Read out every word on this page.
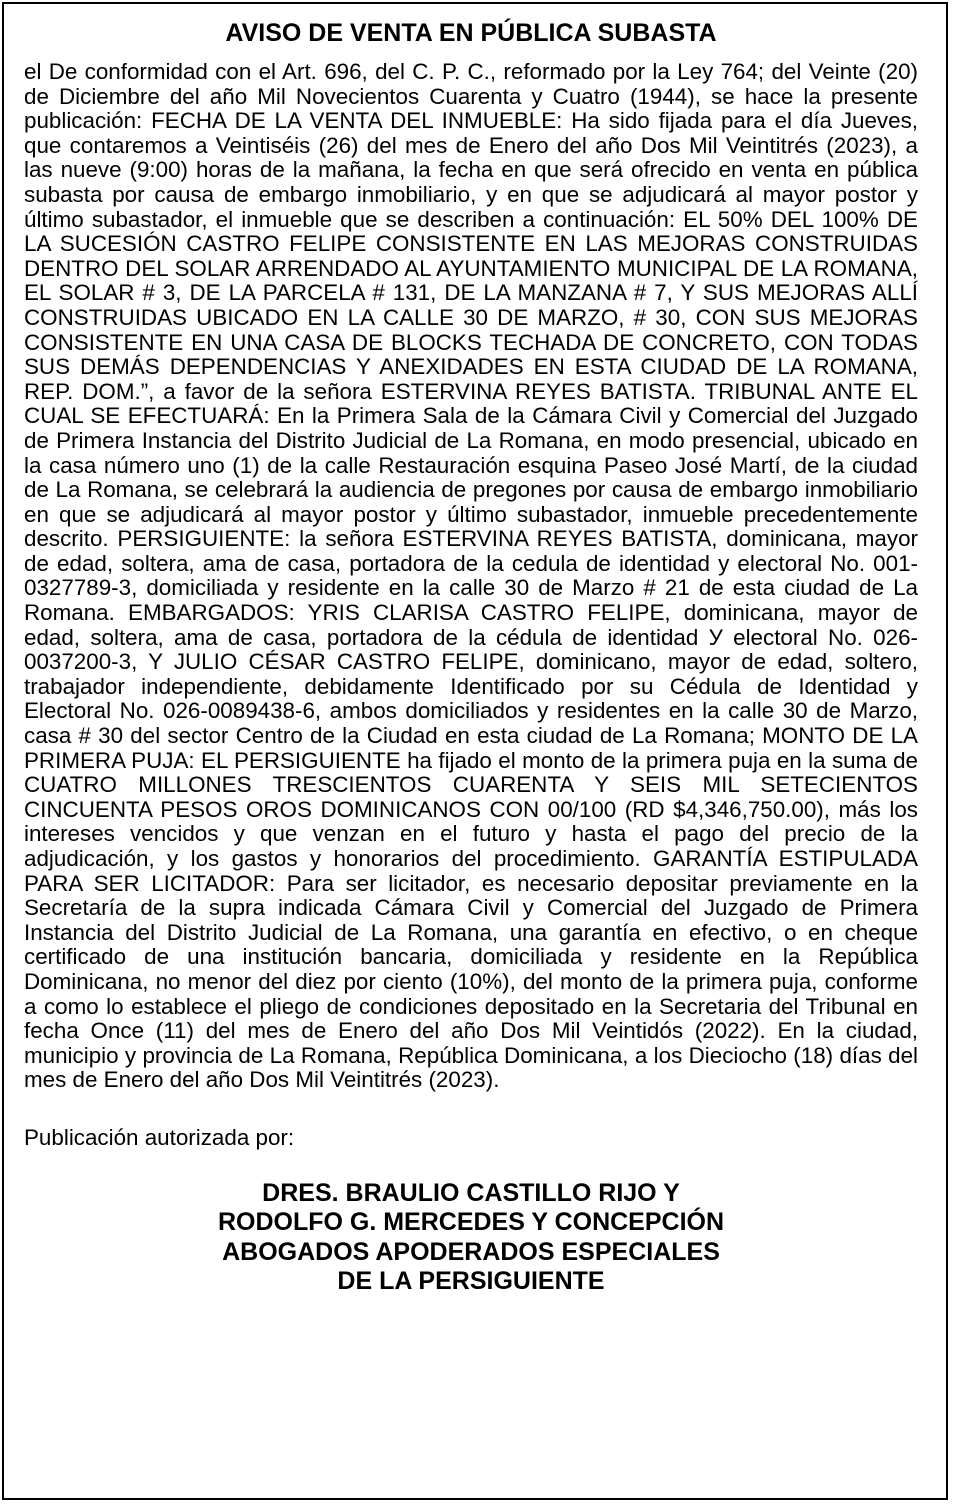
AVISO DE VENTA EN PÚBLICA SUBASTA

el De conformidad con el Art. 696, del C. P. C., reformado por la Ley 764; del Veinte (20) de Diciembre del año Mil Novecientos Cuarenta y Cuatro (1944), se hace la presente publicación: FECHA DE LA VENTA DEL INMUEBLE: Ha sido fijada para el día Jueves, que contaremos a Veintiséis (26) del mes de Enero del año Dos Mil Veintitrés (2023), a las nueve (9:00) horas de la mañana, la fecha en que será ofrecido en venta en pública subasta por causa de embargo inmobiliario, y en que se adjudicará al mayor postor y último subastador, el inmueble que se describen a continuación: EL 50% DEL 100% DE LA SUCESIÓN CASTRO FELIPE CONSISTENTE EN LAS MEJORAS CONSTRUIDAS DENTRO DEL SOLAR ARRENDADO AL AYUNTAMIENTO MUNICIPAL DE LA ROMANA, EL SOLAR # 3, DE LA PARCELA # 131, DE LA MANZANA # 7, Y SUS MEJORAS ALLÍ CONSTRUIDAS UBICADO EN LA CALLE 30 DE MARZO, # 30, CON SUS MEJORAS CONSISTENTE EN UNA CASA DE BLOCKS TECHADA DE CONCRETO, CON TODAS SUS DEMÁS DEPENDENCIAS Y ANEXIDADES EN ESTA CIUDAD DE LA ROMANA, REP. DOM.”, a favor de la señora ESTERVINA REYES BATISTA. TRIBUNAL ANTE EL CUAL SE EFECTUARÁ: En la Primera Sala de la Cámara Civil y Comercial del Juzgado de Primera Instancia del Distrito Judicial de La Romana, en modo presencial, ubicado en la casa número uno (1) de la calle Restauración esquina Paseo José Martí, de la ciudad de La Romana, se celebrará la audiencia de pregones por causa de embargo inmobiliario en que se adjudicará al mayor postor y último subastador, inmueble precedentemente descrito. PERSIGUIENTE: la señora ESTERVINA REYES BATISTA, dominicana, mayor de edad, soltera, ama de casa, portadora de la cedula de identidad y electoral No. 001-0327789-3, domiciliada y residente en la calle 30 de Marzo # 21 de esta ciudad de La Romana. EMBARGADOS: YRIS CLARISA CASTRO FELIPE, dominicana, mayor de edad, soltera, ama de casa, portadora de la cédula de identidad У electoral No. 026-0037200-3, Y JULIO CÉSAR CASTRO FELIPE, dominicano, mayor de edad, soltero, trabajador independiente, debidamente Identificado por su Cédula de Identidad y Electoral No. 026-0089438-6, ambos domiciliados y residentes en la calle 30 de Marzo, casa # 30 del sector Centro de la Ciudad en esta ciudad de La Romana; MONTO DE LA PRIMERA PUJA: EL PERSIGUIENTE ha fijado el monto de la primera puja en la suma de CUATRO MILLONES TRESCIENTOS CUARENTA Y SEIS MIL SETECIENTOS CINCUENTA PESOS OROS DOMINICANOS CON 00/100 (RD $4,346,750.00), más los intereses vencidos y que venzan en el futuro y hasta el pago del precio de la adjudicación, y los gastos y honorarios del procedimiento. GARANTÍA ESTIPULADA PARA SER LICITADOR: Para ser licitador, es necesario depositar previamente en la Secretaría de la supra indicada Cámara Civil y Comercial del Juzgado de Primera Instancia del Distrito Judicial de La Romana, una garantía en efectivo, o en cheque certificado de una institución bancaria, domiciliada y residente en la República Dominicana, no menor del diez por ciento (10%), del monto de la primera puja, conforme a como lo establece el pliego de condiciones depositado en la Secretaria del Tribunal en fecha Once (11) del mes de Enero del año Dos Mil Veintidós (2022). En la ciudad, municipio y provincia de La Romana, República Dominicana, a los Dieciocho (18) días del mes de Enero del año Dos Mil Veintitrés (2023).

Publicación autorizada por:

DRES. BRAULIO CASTILLO RIJO Y
RODOLFO G. MERCEDES Y CONCEPCIÓN
ABOGADOS APODERADOS ESPECIALES
DE LA PERSIGUIENTE
